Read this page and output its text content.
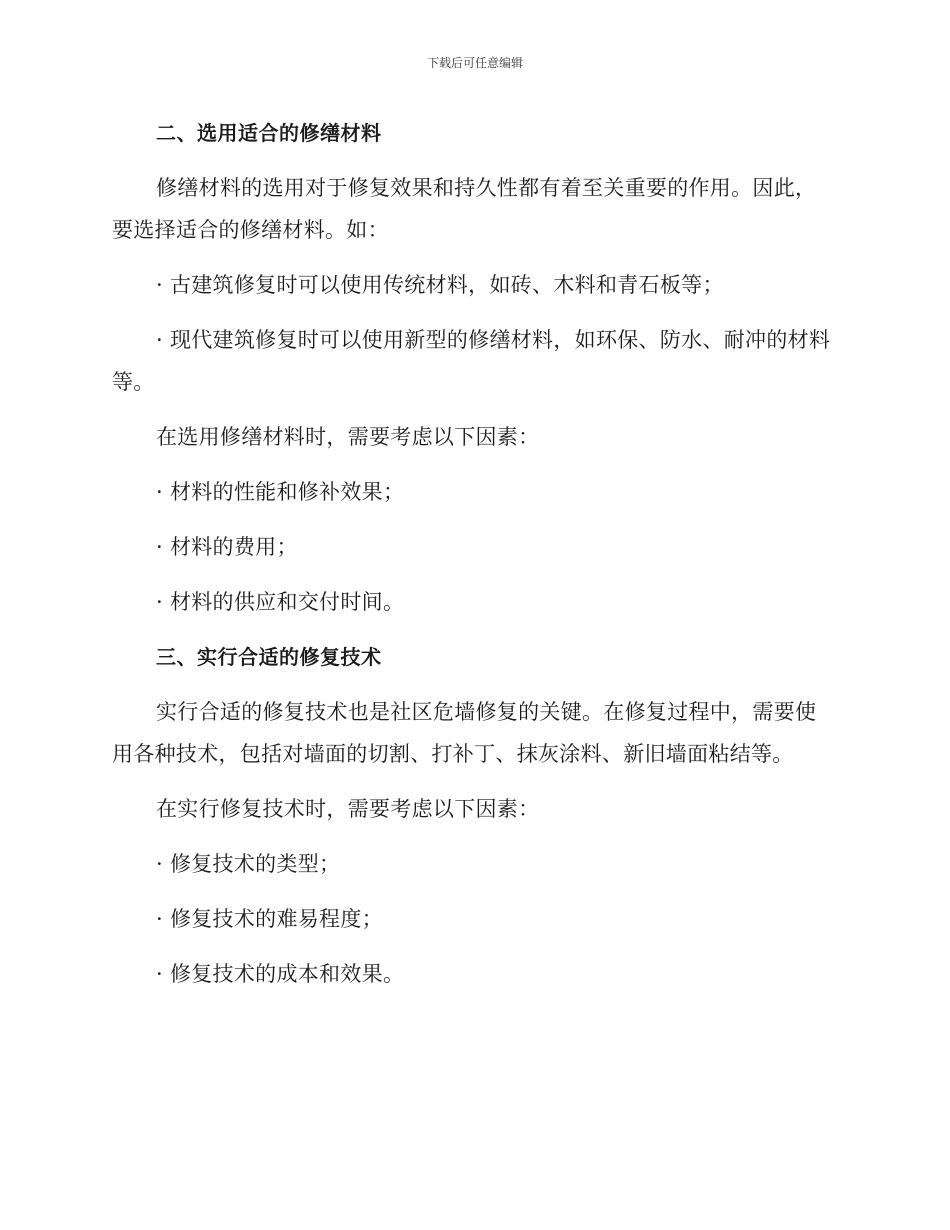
下载后可任意编辑

二、选用适合的修缮材料

修缮材料的选用对于修复效果和持久性都有着至关重要的作用。因此，要选择适合的修缮材料。如：

· 古建筑修复时可以使用传统材料，如砖、木料和青石板等；

· 现代建筑修复时可以使用新型的修缮材料，如环保、防水、耐冲的材料等。

在选用修缮材料时，需要考虑以下因素：

· 材料的性能和修补效果；

· 材料的费用；

· 材料的供应和交付时间。

三、实行合适的修复技术

实行合适的修复技术也是社区危墙修复的关键。在修复过程中，需要使用各种技术，包括对墙面的切割、打补丁、抹灰涂料、新旧墙面粘结等。

在实行修复技术时，需要考虑以下因素：

· 修复技术的类型；

· 修复技术的难易程度；

· 修复技术的成本和效果。
